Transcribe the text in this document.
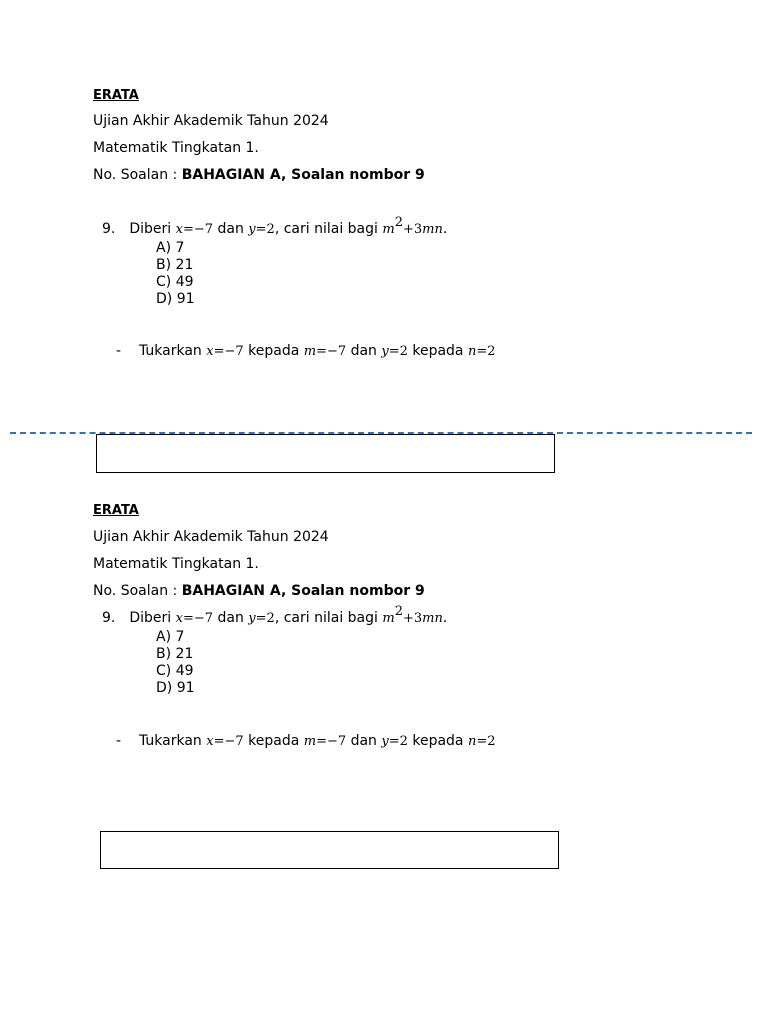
ERATA
Ujian Akhir Akademik Tahun 2024
Matematik Tingkatan 1.
No. Soalan : BAHAGIAN A, Soalan nombor 9
9. Diberi x=−7 dan y=2, cari nilai bagi $m^2+3mn$.
A) 7
B) 21
C) 49
D) 91
- Tukarkan x=−7 kepada m=−7 dan y=2 kepada n=2
ERATA
Ujian Akhir Akademik Tahun 2024
Matematik Tingkatan 1.
No. Soalan : BAHAGIAN A, Soalan nombor 9
9. Diberi x=−7 dan y=2, cari nilai bagi $m^2+3mn$.
A) 7
B) 21
C) 49
D) 91
- Tukarkan x=−7 kepada m=−7 dan y=2 kepada n=2
